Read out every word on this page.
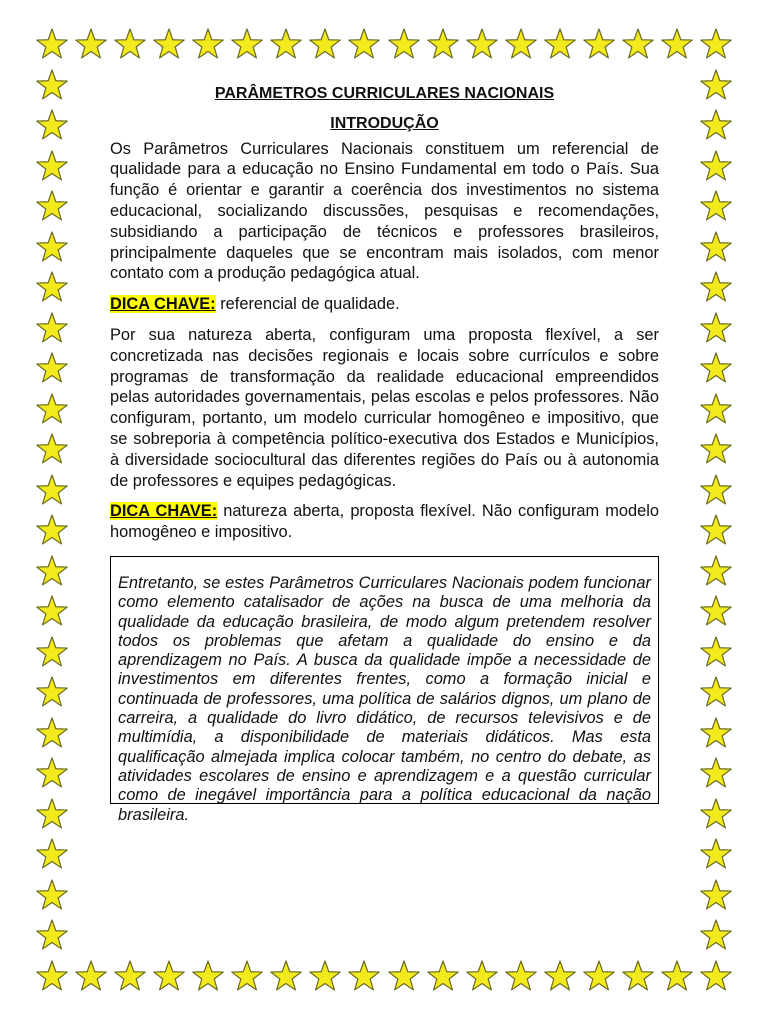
PARÂMETROS CURRICULARES NACIONAIS

INTRODUÇÃO

Os Parâmetros Curriculares Nacionais constituem um referencial de qualidade para a educação no Ensino Fundamental em todo o País. Sua função é orientar e garantir a coerência dos investimentos no sistema educacional, socializando discussões, pesquisas e recomendações, subsidiando a participação de técnicos e professores brasileiros, principalmente daqueles que se encontram mais isolados, com menor contato com a produção pedagógica atual.

DICA CHAVE: referencial de qualidade.

Por sua natureza aberta, configuram uma proposta flexível, a ser concretizada nas decisões regionais e locais sobre currículos e sobre programas de transformação da realidade educacional empreendidos pelas autoridades governamentais, pelas escolas e pelos professores. Não configuram, portanto, um modelo curricular homogêneo e impositivo, que se sobreporia à competência político-executiva dos Estados e Municípios, à diversidade sociocultural das diferentes regiões do País ou à autonomia de professores e equipes pedagógicas.

DICA CHAVE: natureza aberta, proposta flexível. Não configuram modelo homogêneo e impositivo.

Entretanto, se estes Parâmetros Curriculares Nacionais podem funcionar como elemento catalisador de ações na busca de uma melhoria da qualidade da educação brasileira, de modo algum pretendem resolver todos os problemas que afetam a qualidade do ensino e da aprendizagem no País. A busca da qualidade impõe a necessidade de investimentos em diferentes frentes, como a formação inicial e continuada de professores, uma política de salários dignos, um plano de carreira, a qualidade do livro didático, de recursos televisivos e de multimídia, a disponibilidade de materiais didáticos. Mas esta qualificação almejada implica colocar também, no centro do debate, as atividades escolares de ensino e aprendizagem e a questão curricular como de inegável importância para a política educacional da nação brasileira.
